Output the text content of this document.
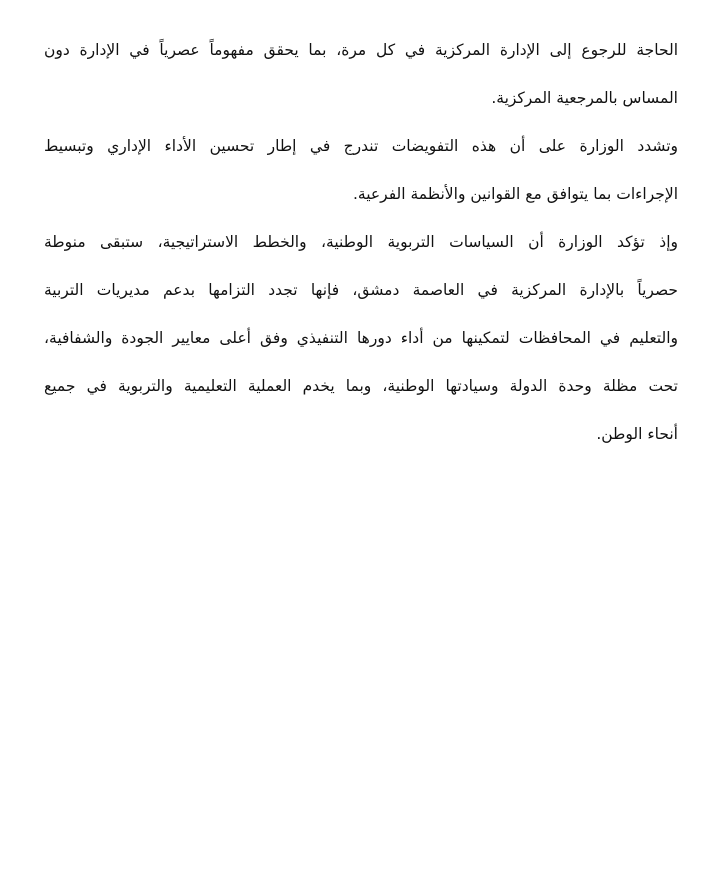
الحاجة للرجوع إلى الإدارة المركزية في كل مرة، بما يحقق مفهوماً عصرياً في الإدارة دون
المساس بالمرجعية المركزية.

وتشدد الوزارة على أن هذه التفويضات تندرج في إطار تحسين الأداء الإداري وتبسيط
الإجراءات بما يتوافق مع القوانين والأنظمة الفرعية.

وإذ تؤكد الوزارة أن السياسات التربوية الوطنية، والخطط الاستراتيجية، ستبقى منوطة
حصرياً بالإدارة المركزية في العاصمة دمشق، فإنها تجدد التزامها بدعم مديريات التربية
والتعليم في المحافظات لتمكينها من أداء دورها التنفيذي وفق أعلى معايير الجودة والشفافية،
تحت مظلة وحدة الدولة وسيادتها الوطنية، وبما يخدم العملية التعليمية والتربوية في جميع
أنحاء الوطن.
